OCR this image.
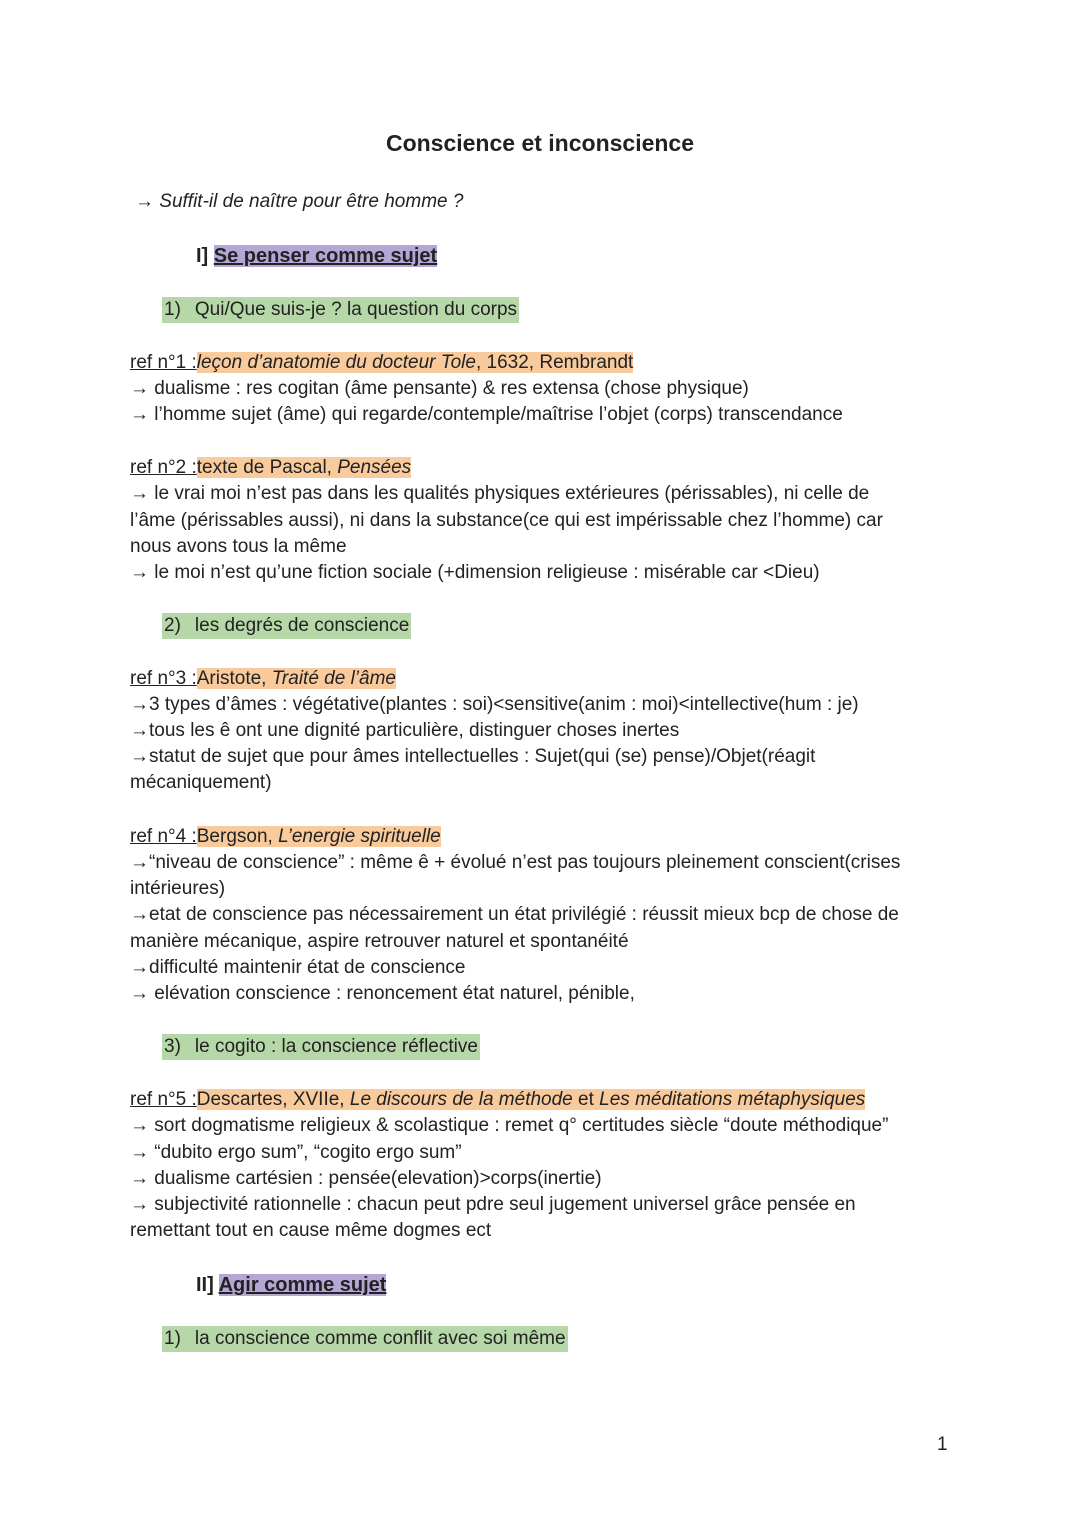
Conscience et inconscience
→ Suffit-il de naître pour être homme ?
I] Se penser comme sujet
1) Qui/Que suis-je ? la question du corps
ref n°1 :leçon d’anatomie du docteur Tole, 1632, Rembrandt
→ dualisme : res cogitan (âme pensante) & res extensa (chose physique)
→ l’homme sujet (âme) qui regarde/contemple/maîtrise l’objet (corps) transcendance
ref n°2 :texte de Pascal, Pensées
→ le vrai moi n’est pas dans les qualités physiques extérieures (périssables), ni celle de
l’âme (périssables aussi), ni dans la substance(ce qui est impérissable chez l’homme) car
nous avons tous la même
→ le moi n’est qu’une fiction sociale (+dimension religieuse : misérable car <Dieu)
2) les degrés de conscience
ref n°3 :Aristote, Traité de l’âme
→3 types d’âmes : végétative(plantes : soi)<sensitive(anim : moi)<intellective(hum : je)
→tous les ê ont une dignité particulière, distinguer choses inertes
→statut de sujet que pour âmes intellectuelles : Sujet(qui (se) pense)/Objet(réagit
mécaniquement)
ref n°4 :Bergson, L’energie spirituelle
→“niveau de conscience” : même ê + évolué n’est pas toujours pleinement conscient(crises
intérieures)
→etat de conscience pas nécessairement un état privilégié : réussit mieux bcp de chose de
manière mécanique, aspire retrouver naturel et spontanéité
→difficulté maintenir état de conscience
→ elévation conscience : renoncement état naturel, pénible,
3) le cogito : la conscience réflective
ref n°5 :Descartes, XVIIe, Le discours de la méthode et Les méditations métaphysiques
→ sort dogmatisme religieux & scolastique : remet q° certitudes siècle “doute méthodique”
→ “dubito ergo sum”, “cogito ergo sum”
→ dualisme cartésien : pensée(elevation)>corps(inertie)
→ subjectivité rationnelle : chacun peut pdre seul jugement universel grâce pensée en
remettant tout en cause même dogmes ect
II] Agir comme sujet
1) la conscience comme conflit avec soi même
1
